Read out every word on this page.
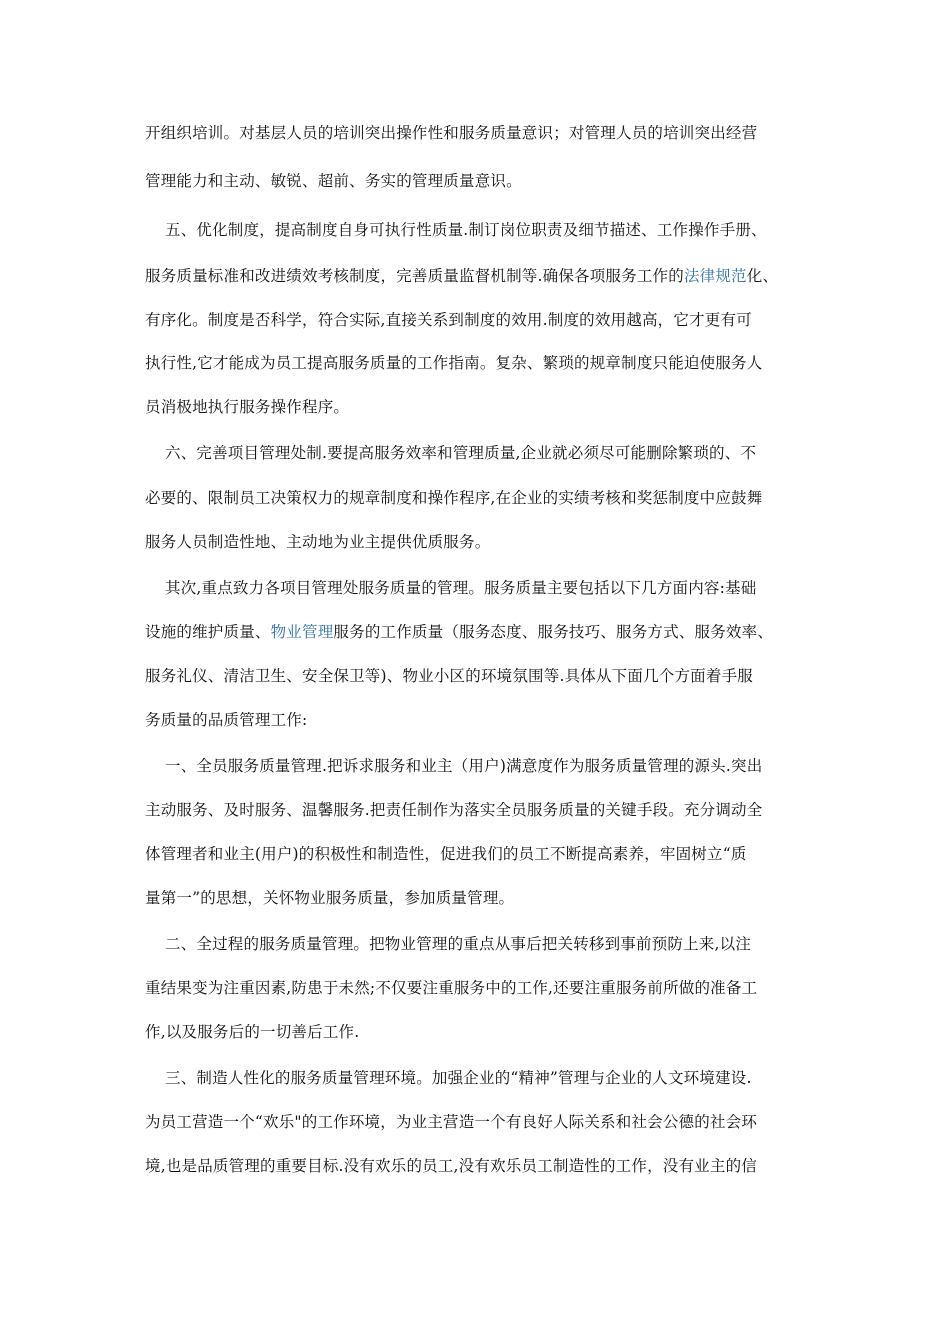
开组织培训。对基层人员的培训突出操作性和服务质量意识；对管理人员的培训突出经营
管理能力和主动、敏锐、超前、务实的管理质量意识。
五、优化制度，提高制度自身可执行性质量.制订岗位职责及细节描述、工作操作手册、
服务质量标准和改进绩效考核制度，完善质量监督机制等.确保各项服务工作的法律规范化、
有序化。制度是否科学，符合实际,直接关系到制度的效用.制度的效用越高，它才更有可
执行性,它才能成为员工提高服务质量的工作指南。复杂、繁琐的规章制度只能迫使服务人
员消极地执行服务操作程序。
六、完善项目管理处制.要提高服务效率和管理质量,企业就必须尽可能删除繁琐的、不
必要的、限制员工决策权力的规章制度和操作程序,在企业的实绩考核和奖惩制度中应鼓舞
服务人员制造性地、主动地为业主提供优质服务。
其次,重点致力各项目管理处服务质量的管理。服务质量主要包括以下几方面内容:基础
设施的维护质量、物业管理服务的工作质量（服务态度、服务技巧、服务方式、服务效率、
服务礼仪、清洁卫生、安全保卫等)、物业小区的环境氛围等.具体从下面几个方面着手服
务质量的品质管理工作:
一、全员服务质量管理.把诉求服务和业主（用户)满意度作为服务质量管理的源头.突出
主动服务、及时服务、温馨服务.把责任制作为落实全员服务质量的关键手段。充分调动全
体管理者和业主(用户)的积极性和制造性，促进我们的员工不断提高素养，牢固树立“质
量第一”的思想，关怀物业服务质量，参加质量管理。
二、全过程的服务质量管理。把物业管理的重点从事后把关转移到事前预防上来,以注
重结果变为注重因素,防患于未然;不仅要注重服务中的工作,还要注重服务前所做的准备工
作,以及服务后的一切善后工作.
三、制造人性化的服务质量管理环境。加强企业的“精神”管理与企业的人文环境建设.
为员工营造一个“欢乐"的工作环境，为业主营造一个有良好人际关系和社会公德的社会环
境,也是品质管理的重要目标.没有欢乐的员工,没有欢乐员工制造性的工作，没有业主的信
